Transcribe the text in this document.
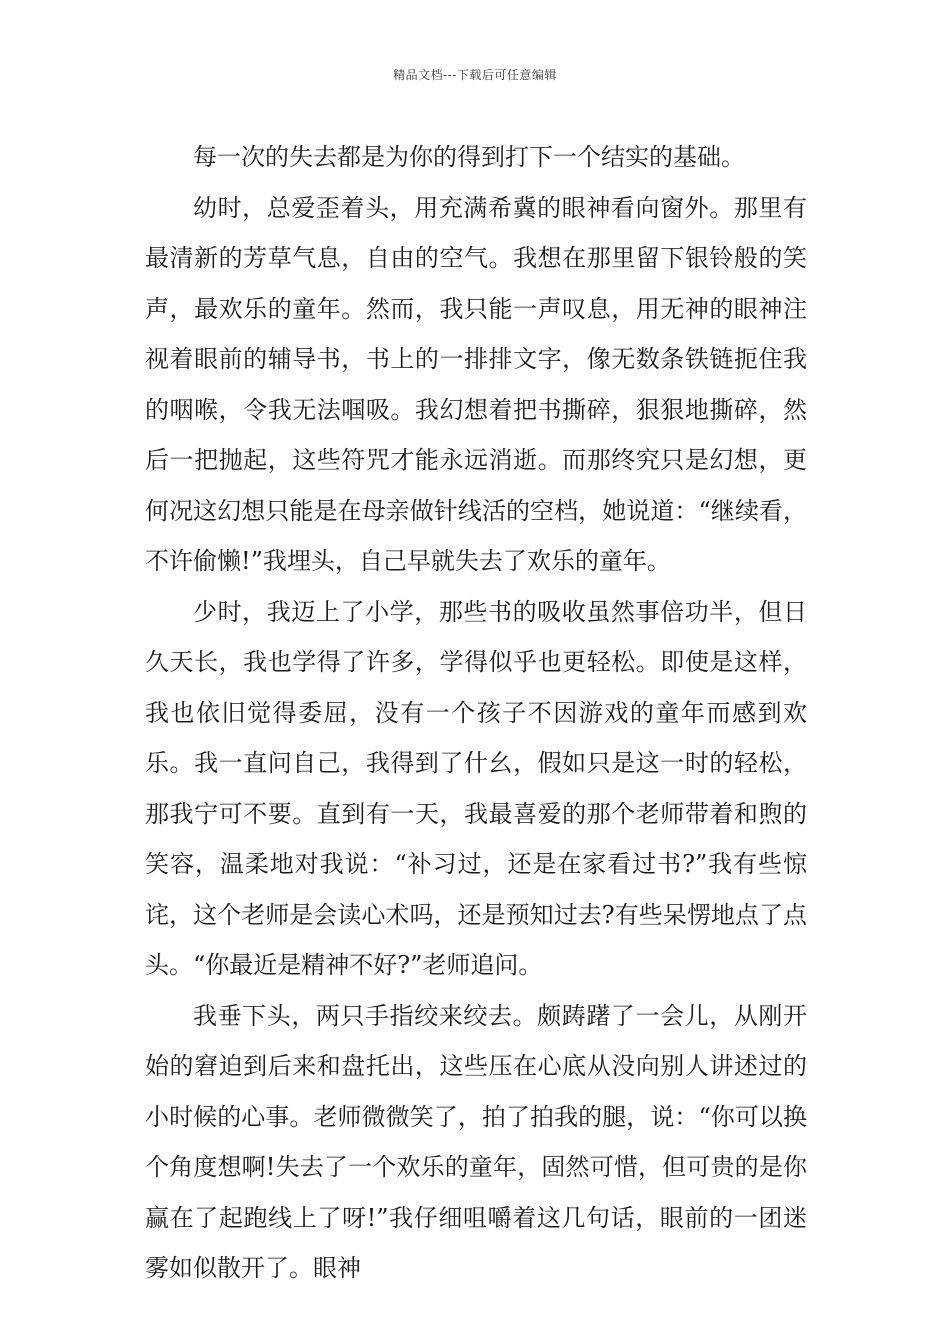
精品文档---下载后可任意编辑

每一次的失去都是为你的得到打下一个结实的基础。

幼时，总爱歪着头，用充满希冀的眼神看向窗外。那里有最清新的芳草气息，自由的空气。我想在那里留下银铃般的笑声，最欢乐的童年。然而，我只能一声叹息，用无神的眼神注视着眼前的辅导书，书上的一排排文字，像无数条铁链扼住我的咽喉，令我无法啯吸。我幻想着把书撕碎，狠狠地撕碎，然后一把抛起，这些符咒才能永远消逝。而那终究只是幻想，更何况这幻想只能是在母亲做针线活的空档，她说道：“继续看，不许偷懒!”我埋头，自己早就失去了欢乐的童年。

少时，我迈上了小学，那些书的吸收虽然事倍功半，但日久天长，我也学得了许多，学得似乎也更轻松。即使是这样，我也依旧觉得委屈，没有一个孩子不因游戏的童年而感到欢乐。我一直问自己，我得到了什幺，假如只是这一时的轻松，那我宁可不要。直到有一天，我最喜爱的那个老师带着和煦的笑容，温柔地对我说：“补习过，还是在家看过书?”我有些惊诧，这个老师是会读心术吗，还是预知过去?有些呆愣地点了点头。“你最近是精神不好?”老师追问。

我垂下头，两只手指绞来绞去。颇踌躇了一会儿，从刚开始的窘迫到后来和盘托出，这些压在心底从没向别人讲述过的小时候的心事。老师微微笑了，拍了拍我的腿，说：“你可以换个角度想啊!失去了一个欢乐的童年，固然可惜，但可贵的是你赢在了起跑线上了呀!”我仔细咀嚼着这几句话，眼前的一团迷雾如似散开了。眼神
